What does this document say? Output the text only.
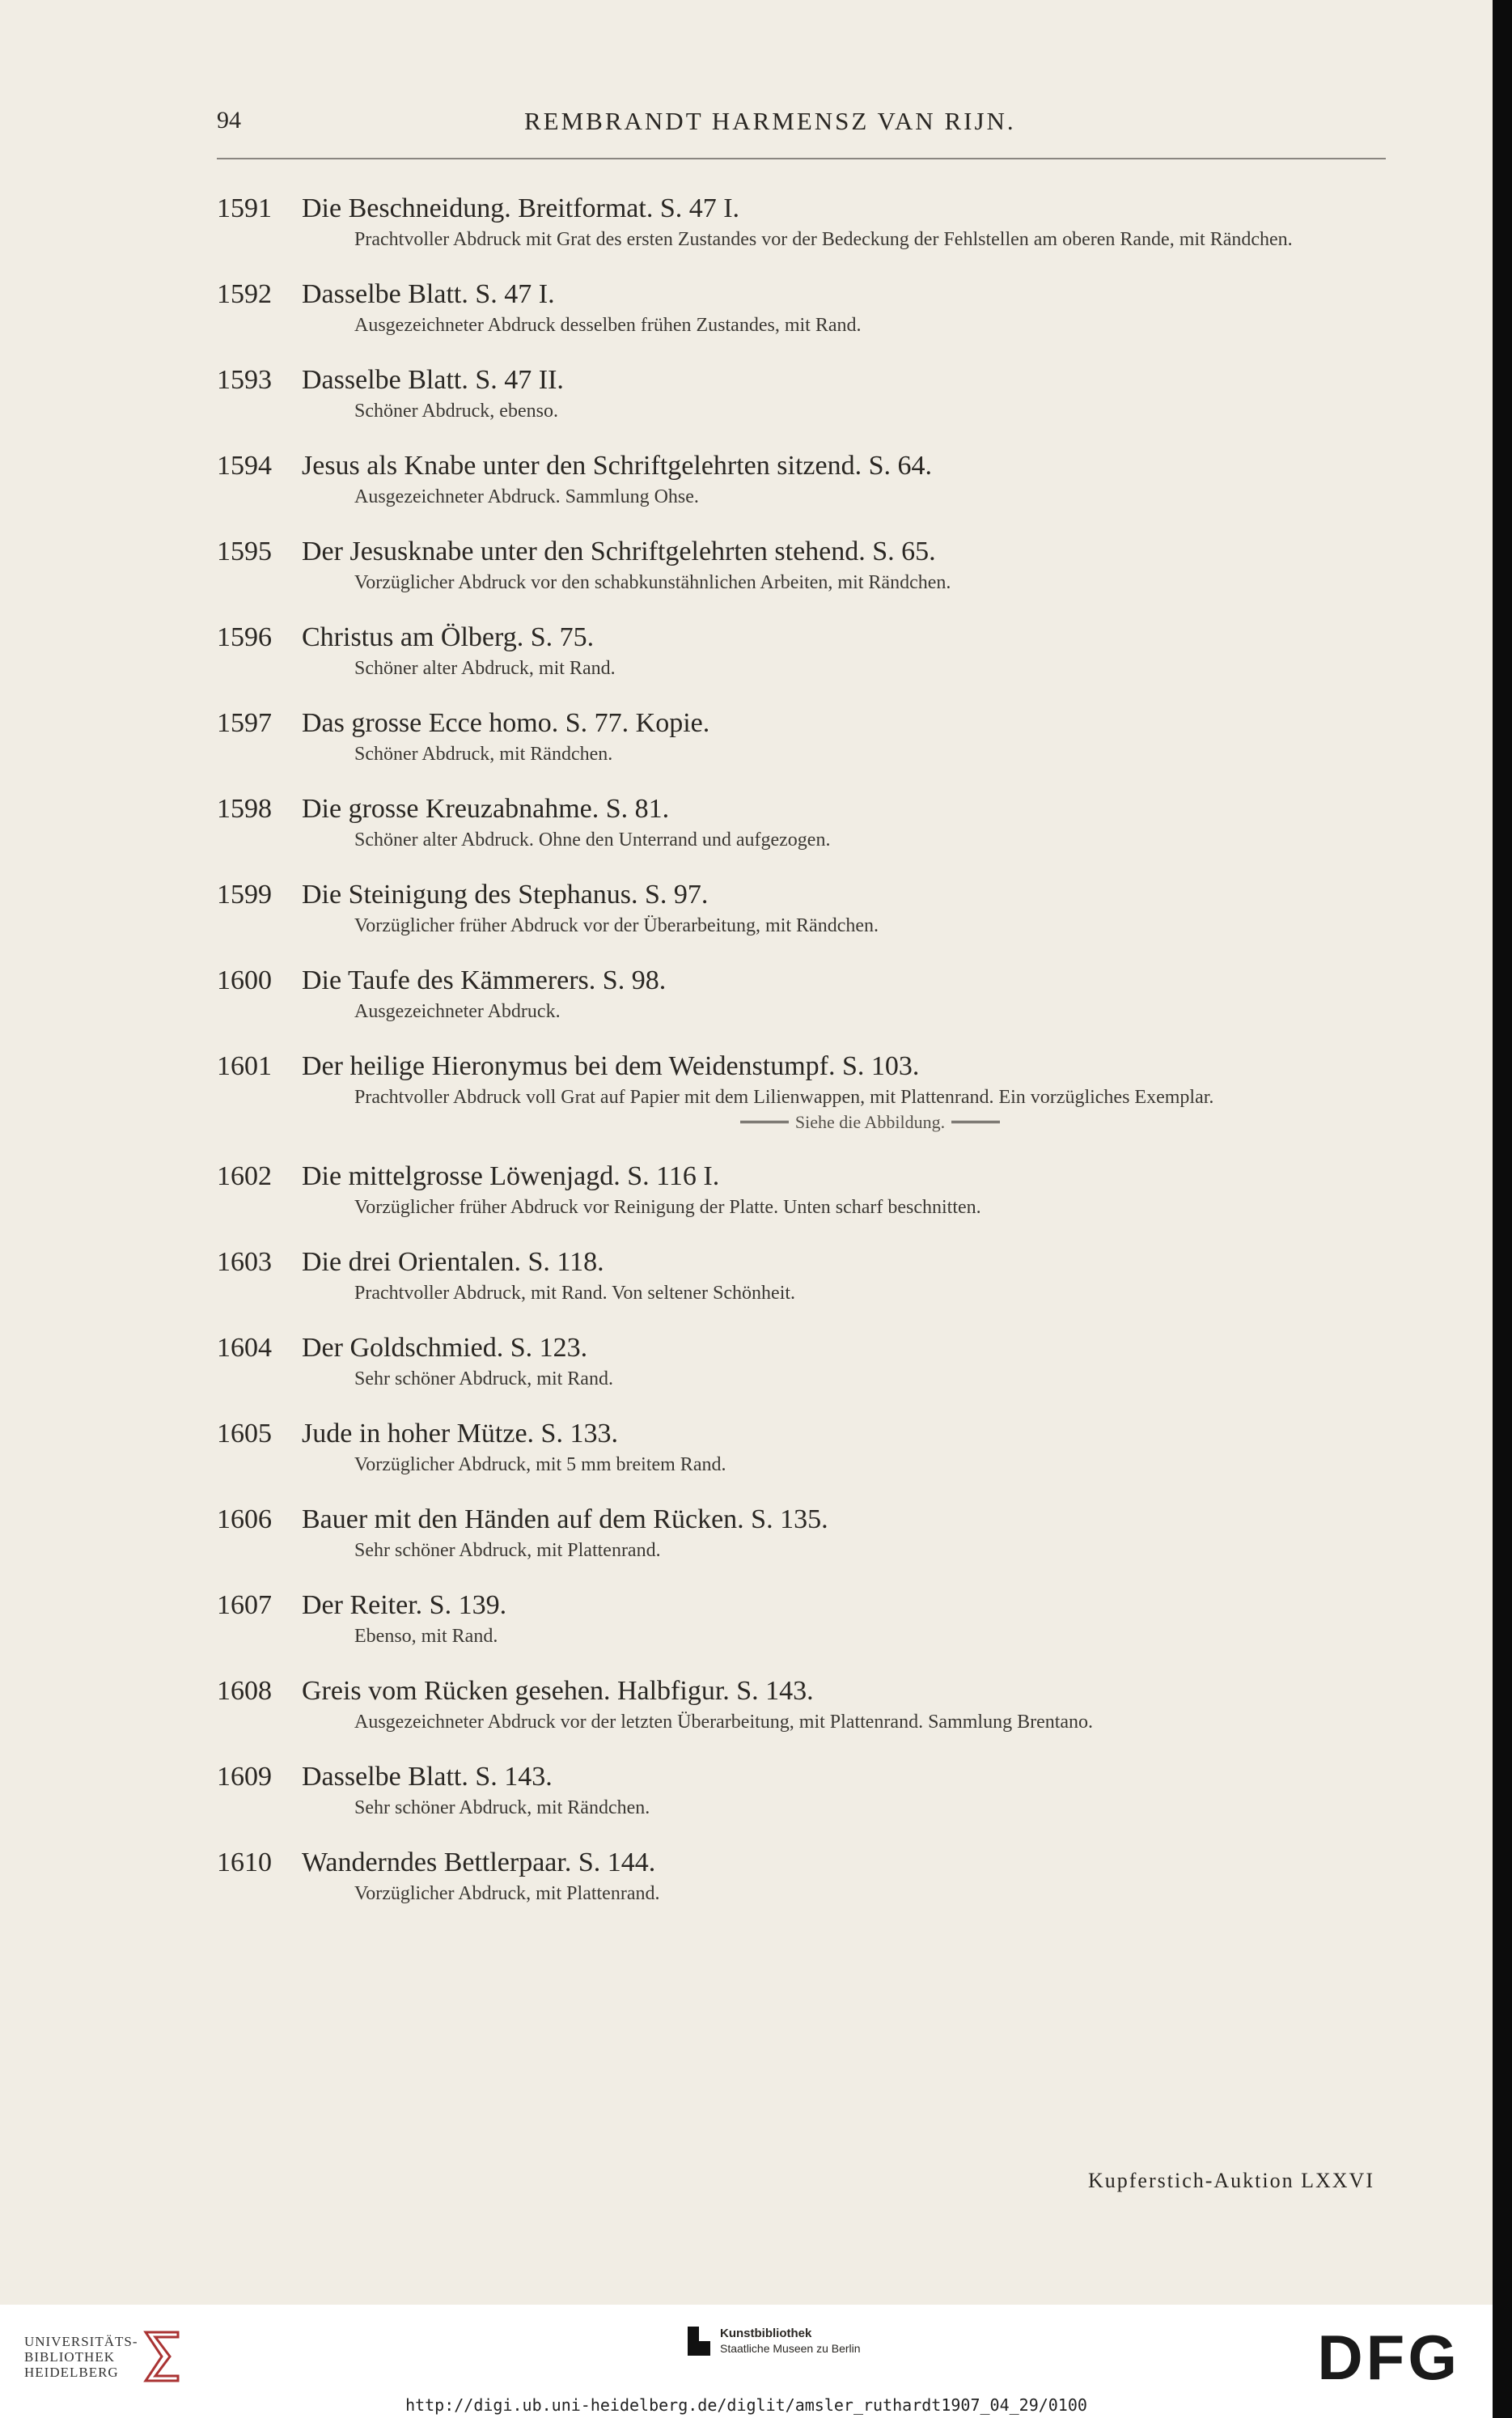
94	REMBRANDT HARMENSZ VAN RIJN.
1591	Die Beschneidung. Breitformat. S. 47 I.
Prachtvoller Abdruck mit Grat des ersten Zustandes vor der Bedeckung der Fehlstellen am oberen Rande, mit Rändchen.
1592	Dasselbe Blatt. S. 47 I.
Ausgezeichneter Abdruck desselben frühen Zustandes, mit Rand.
1593	Dasselbe Blatt. S. 47 II.
Schöner Abdruck, ebenso.
1594	Jesus als Knabe unter den Schriftgelehrten sitzend. S. 64.
Ausgezeichneter Abdruck. Sammlung Ohse.
1595	Der Jesusknabe unter den Schriftgelehrten stehend. S. 65.
Vorzüglicher Abdruck vor den schabkunstähnlichen Arbeiten, mit Rändchen.
1596	Christus am Ölberg. S. 75.
Schöner alter Abdruck, mit Rand.
1597	Das grosse Ecce homo. S. 77. Kopie.
Schöner Abdruck, mit Rändchen.
1598	Die grosse Kreuzabnahme. S. 81.
Schöner alter Abdruck. Ohne den Unterrand und aufgezogen.
1599	Die Steinigung des Stephanus. S. 97.
Vorzüglicher früher Abdruck vor der Überarbeitung, mit Rändchen.
1600	Die Taufe des Kämmerers. S. 98.
Ausgezeichneter Abdruck.
1601	Der heilige Hieronymus bei dem Weidenstumpf. S. 103.
Prachtvoller Abdruck voll Grat auf Papier mit dem Lilienwappen, mit Plattenrand. Ein vorzügliches Exemplar.
Siehe die Abbildung.
1602	Die mittelgrosse Löwenjagd. S. 116 I.
Vorzüglicher früher Abdruck vor Reinigung der Platte. Unten scharf beschnitten.
1603	Die drei Orientalen. S. 118.
Prachtvoller Abdruck, mit Rand. Von seltener Schönheit.
1604	Der Goldschmied. S. 123.
Sehr schöner Abdruck, mit Rand.
1605	Jude in hoher Mütze. S. 133.
Vorzüglicher Abdruck, mit 5 mm breitem Rand.
1606	Bauer mit den Händen auf dem Rücken. S. 135.
Sehr schöner Abdruck, mit Plattenrand.
1607	Der Reiter. S. 139.
Ebenso, mit Rand.
1608	Greis vom Rücken gesehen. Halbfigur. S. 143.
Ausgezeichneter Abdruck vor der letzten Überarbeitung, mit Plattenrand. Sammlung Brentano.
1609	Dasselbe Blatt. S. 143.
Sehr schöner Abdruck, mit Rändchen.
1610	Wanderndes Bettlerpaar. S. 144.
Vorzüglicher Abdruck, mit Plattenrand.
Kupferstich-Auktion LXXVI
UNIVERSITÄTS-
BIBLIOTHEK
HEIDELBERG
Kunstbibliothek
Staatliche Museen zu Berlin	DFG
http://digi.ub.uni-heidelberg.de/diglit/amsler_ruthardt1907_04_29/0100
